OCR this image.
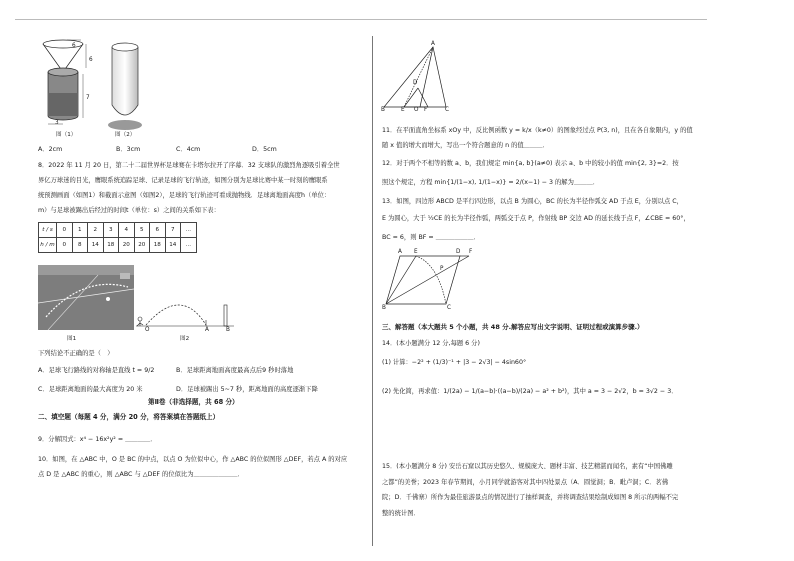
6
6
7
3
图（1）	图（2）
A．2cm	B．3cm	C．4cm	D．5cm
8．2022 年 11 月 20 日，第二十二届世界杯足球赛在卡塔尔拉开了序幕．32 支球队的激烈角逐吸引着全世
界亿万球迷的目光，鹰眼系统追踪足球、记录足球的飞行轨迹，如图分别为足球比赛中某一时刻的鹰眼系
统预测画面（如图1）和截面示意图（如图2），足球的飞行轨迹可看成抛物线．足球离地面高度h（单位：
m）与足球被踢出后经过的时间t（单位：s）之间的关系如下表：
t / s	0	1	2	3	4	5	6	7	…
h / m	0	8	14	18	20	20	18	14	…
图1
O	A	B
图2
下列结论不正确的是（　）
A．足球飞行路线的对称轴是直线 t = 9/2	B．足球距离地面高度最高点后9 秒时落地
C．足球距离地面的最大高度为 20 米	D．足球被踢出 5~7 秒，距离地面的高度逐渐下降
第Ⅱ卷（非选择题，共 68 分）
二、填空题（每题 4 分，满分 20 分，将答案填在答题纸上）
9．分解因式：x⁴ − 16x²y² = ＿＿＿＿．
10．如图，在 △ABC 中，O 是 BC 的中点，以点 O 为位似中心，作 △ABC 的位似图形 △DEF，若点 A 的对应
点 D 是 △ABC 的重心，则 △ABC 与 △DEF 的位似比为＿＿＿＿＿＿＿．
A
D
B	E O F	C
11．在平面直角坐标系 xOy 中，反比例函数 y = k/x（k≠0）的图象经过点 P(3, n)，且在各自象限内，y 的值
随 x 值的增大而增大，写出一个符合题意的 n 的值＿＿＿．
12．对于两个不相等的数 a、b，我们规定 min{a, b}(a≠0) 表示 a、b 中的较小的值 min{2, 3}=2．按
照这个规定，方程 min{1/(1−x), 1/(1−x)} = 2/(x−1) − 3 的解为＿＿＿．
13．如图，四边形 ABCD 是平行四边形，以点 B 为圆心，BC 的长为半径作弧交 AD 于点 E，分别以点 C，
E 为圆心，大于 ½CE 的长为半径作弧，两弧交于点 P，作射线 BP 交边 AD 的延长线于点 F，∠CBE = 60°，
BC = 6，则 BF = ＿＿＿＿＿＿．
A E	D F
P
B	C
三、解答题（本大题共 5 个小题，共 48 分.解答应写出文字说明、证明过程或演算步骤.）
14．(本小题满分 12 分,每题 6 分)
(1) 计算：−2² + (1/3)⁻¹ + |3 − 2√3| − 4sin60°
(2) 先化简，再求值：1/(2a) − 1/(a−b)·((a−b)/(2a) − a² + b²)，其中 a = 3 − 2√2，b = 3√2 − 3．
15．(本小题满分 8 分) 安岳石窟以其历史悠久、规模庞大、题材丰富、技艺精湛而闻名，素有“中国佛雕
之都”的美誉；2023 年春节期间，小月同学就游客对其中四处景点（A．圆觉洞；B．毗卢洞；C．茗佛
院；D．千佛寨）所作为最佳旅游景点的情况进行了抽样调查，并将调查结果绘制成如图 8 所示的两幅不完
整的统计图．
